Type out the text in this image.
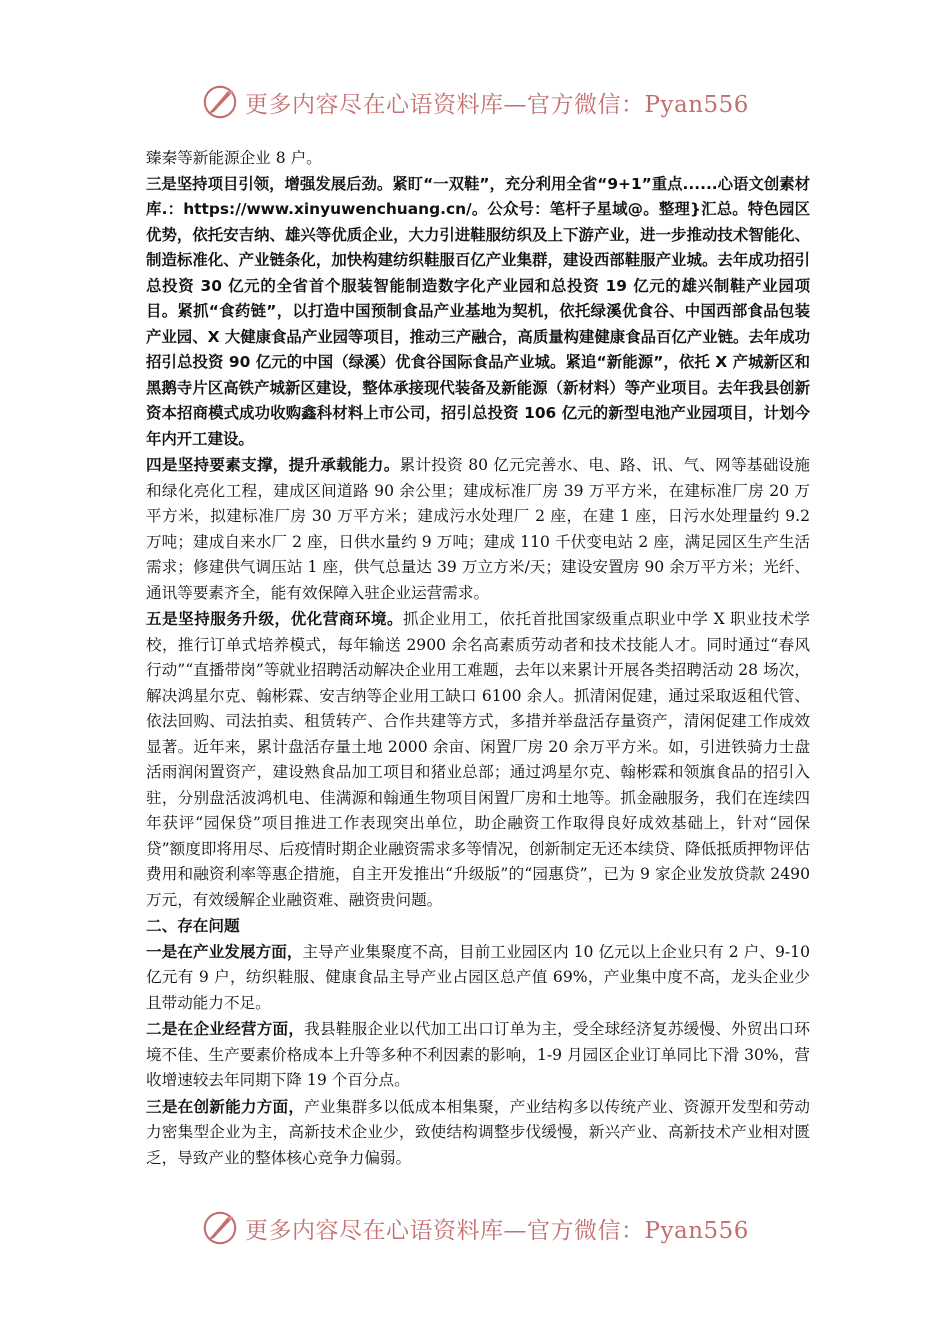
更多内容尽在心语资料库—官方微信：Pyan556

臻秦等新能源企业 8 户。

三是坚持项目引领，增强发展后劲。紧盯“一双鞋”，充分利用全省“9+1”重点......心语文创素材库.：https://www.xinyuwenchuang.cn/。公众号：笔杆子星域@。整理}汇总。特色园区优势，依托安吉纳、雄兴等优质企业，大力引进鞋服纺织及上下游产业，进一步推动技术智能化、制造标准化、产业链条化，加快构建纺织鞋服百亿产业集群，建设西部鞋服产业城。去年成功招引总投资 30 亿元的全省首个服装智能制造数字化产业园和总投资 19 亿元的雄兴制鞋产业园项目。紧抓“食药链”，以打造中国预制食品产业基地为契机，依托绿溪优食谷、中国西部食品包装产业园、X 大健康食品产业园等项目，推动三产融合，高质量构建健康食品百亿产业链。去年成功招引总投资 90 亿元的中国（绿溪）优食谷国际食品产业城。紧追“新能源”，依托 X 产城新区和黑鹅寺片区高铁产城新区建设，整体承接现代装备及新能源（新材料）等产业项目。去年我县创新资本招商模式成功收购鑫科材料上市公司，招引总投资 106 亿元的新型电池产业园项目，计划今年内开工建设。

四是坚持要素支撑，提升承载能力。累计投资 80 亿元完善水、电、路、讯、气、网等基础设施和绿化亮化工程，建成区间道路 90 余公里；建成标准厂房 39 万平方米，在建标准厂房 20 万平方米，拟建标准厂房 30 万平方米；建成污水处理厂 2 座，在建 1 座，日污水处理量约 9.2 万吨；建成自来水厂 2 座，日供水量约 9 万吨；建成 110 千伏变电站 2 座，满足园区生产生活需求；修建供气调压站 1 座，供气总量达 39 万立方米/天；建设安置房 90 余万平方米；光纤、通讯等要素齐全，能有效保障入驻企业运营需求。

五是坚持服务升级，优化营商环境。抓企业用工，依托首批国家级重点职业中学 X 职业技术学校，推行订单式培养模式，每年输送 2900 余名高素质劳动者和技术技能人才。同时通过“春风行动”“直播带岗”等就业招聘活动解决企业用工难题，去年以来累计开展各类招聘活动 28 场次，解决鸿星尔克、翰彬霖、安吉纳等企业用工缺口 6100 余人。抓清闲促建，通过采取返租代管、依法回购、司法拍卖、租赁转产、合作共建等方式，多措并举盘活存量资产，清闲促建工作成效显著。近年来，累计盘活存量土地 2000 余亩、闲置厂房 20 余万平方米。如，引进铁骑力士盘活雨润闲置资产，建设熟食品加工项目和猪业总部；通过鸿星尔克、翰彬霖和领旗食品的招引入驻，分别盘活波鸿机电、佳满源和翰通生物项目闲置厂房和土地等。抓金融服务，我们在连续四年获评“园保贷”项目推进工作表现突出单位，助企融资工作取得良好成效基础上，针对“园保贷”额度即将用尽、后疫情时期企业融资需求多等情况，创新制定无还本续贷、降低抵质押物评估费用和融资利率等惠企措施，自主开发推出“升级版”的“园惠贷”，已为 9 家企业发放贷款 2490 万元，有效缓解企业融资难、融资贵问题。

二、存在问题

一是在产业发展方面，主导产业集聚度不高，目前工业园区内 10 亿元以上企业只有 2 户、9-10 亿元有 9 户，纺织鞋服、健康食品主导产业占园区总产值 69%，产业集中度不高，龙头企业少且带动能力不足。

二是在企业经营方面，我县鞋服企业以代加工出口订单为主，受全球经济复苏缓慢、外贸出口环境不佳、生产要素价格成本上升等多种不利因素的影响，1-9 月园区企业订单同比下滑 30%，营收增速较去年同期下降 19 个百分点。

三是在创新能力方面，产业集群多以低成本相集聚，产业结构多以传统产业、资源开发型和劳动力密集型企业为主，高新技术企业少，致使结构调整步伐缓慢，新兴产业、高新技术产业相对匮乏，导致产业的整体核心竞争力偏弱。

更多内容尽在心语资料库—官方微信：Pyan556
